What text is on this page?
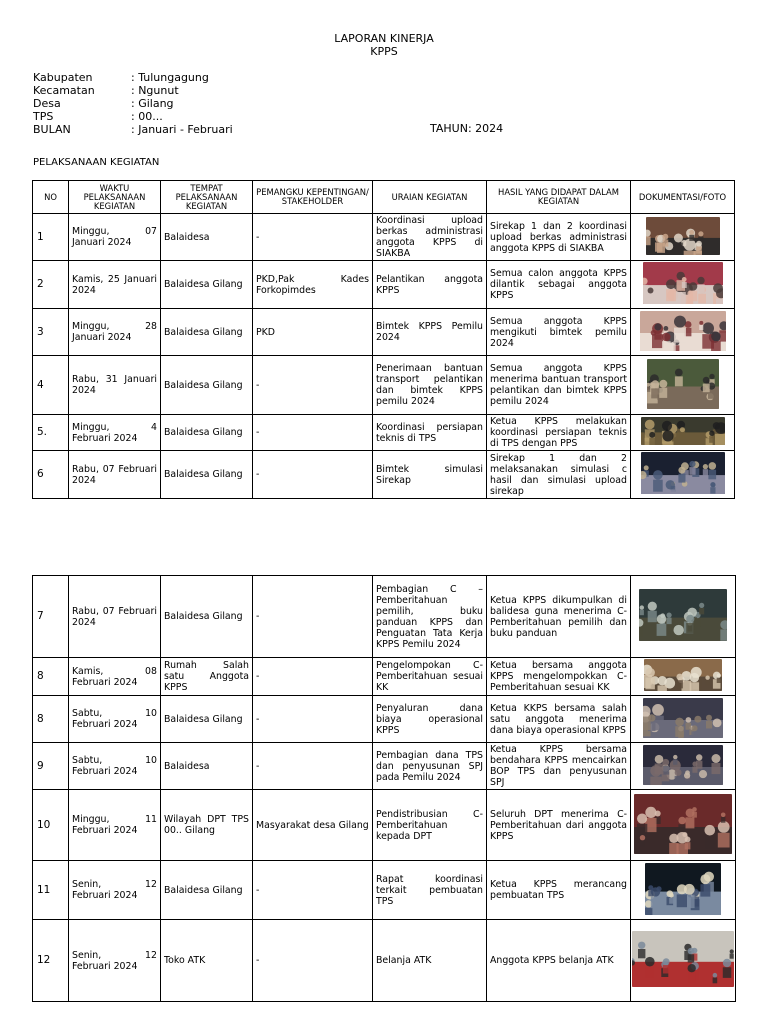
LAPORAN KINERJA
KPPS
Kabupaten	: Tulungagung
Kecamatan	: Ngunut
Desa	: Gilang
TPS	: 00...
BULAN	: Januari - Februari	TAHUN: 2024
PELAKSANAAN KEGIATAN
NO	WAKTU PELAKSANAAN KEGIATAN	TEMPAT PELAKSANAAN KEGIATAN	PEMANGKU KEPENTINGAN/ STAKEHOLDER	URAIAN KEGIATAN	HASIL YANG DIDAPAT DALAM KEGIATAN	DOKUMENTASI/FOTO
1	Minggu, 07 Januari 2024	Balaidesa	-	Koordinasi upload berkas administrasi anggota KPPS di SIAKBA	Sirekap 1 dan 2 koordinasi upload berkas administrasi anggota KPPS di SIAKBA	

2	Kamis, 25 Januari 2024	Balaidesa Gilang	PKD,Pak Kades Forkopimdes	Pelantikan anggota KPPS	Semua calon anggota KPPS dilantik sebagai anggota KPPS	

3	Minggu, 28 Januari 2024	Balaidesa Gilang	PKD	Bimtek KPPS Pemilu 2024	Semua anggota KPPS mengikuti bimtek pemilu 2024	

4	Rabu, 31 Januari 2024	Balaidesa Gilang	-	Penerimaan bantuan transport pelantikan dan bimtek KPPS pemilu 2024	Semua anggota KPPS menerima bantuan transport pelantikan dan bimtek KPPS pemilu 2024	

5.	Minggu, 4 Februari 2024	Balaidesa Gilang	-	Koordinasi persiapan teknis di TPS	Ketua KPPS melakukan koordinasi persiapan teknis di TPS dengan PPS	

6	Rabu, 07 Februari 2024	Balaidesa Gilang	-	Bimtek simulasi Sirekap	Sirekap 1 dan 2 melaksanakan simulasi c hasil dan simulasi upload sirekap	
7	Rabu, 07 Februari 2024	Balaidesa Gilang	-	Pembagian C – Pemberitahuan pemilih, buku panduan KPPS dan Penguatan Tata Kerja KPPS Pemilu 2024	Ketua KPPS dikumpulkan di balidesa guna menerima C-Pemberitahuan pemilih dan buku panduan	

8	Kamis, 08 Februari 2024	Rumah Salah satu Anggota KPPS	-	Pengelompokan C-Pemberitahuan sesuai KK	Ketua bersama anggota KPPS mengelompokkan C-Pemberitahuan sesuai KK	

8	Sabtu, 10 Februari 2024	Balaidesa Gilang	-	Penyaluran dana biaya operasional KPPS	Ketua KKPS bersama salah satu anggota menerima dana biaya operasional KPPS	

9	Sabtu, 10 Februari 2024	Balaidesa	-	Pembagian dana TPS dan penyusunan SPJ pada Pemilu 2024	Ketua KPPS bersama bendahara KPPS mencairkan BOP TPS dan penyusunan SPJ	

10	Minggu, 11 Februari 2024	Wilayah DPT TPS 00.. Gilang	Masyarakat desa Gilang	Pendistribusian C-Pemberitahuan kepada DPT	Seluruh DPT menerima C-Pemberitahuan dari anggota KPPS	

11	Senin, 12 Februari 2024	Balaidesa Gilang	-	Rapat koordinasi terkait pembuatan TPS	Ketua KPPS merancang pembuatan TPS	

12	Senin, 12 Februari 2024	Toko ATK	-	Belanja ATK	Anggota KPPS belanja ATK	
